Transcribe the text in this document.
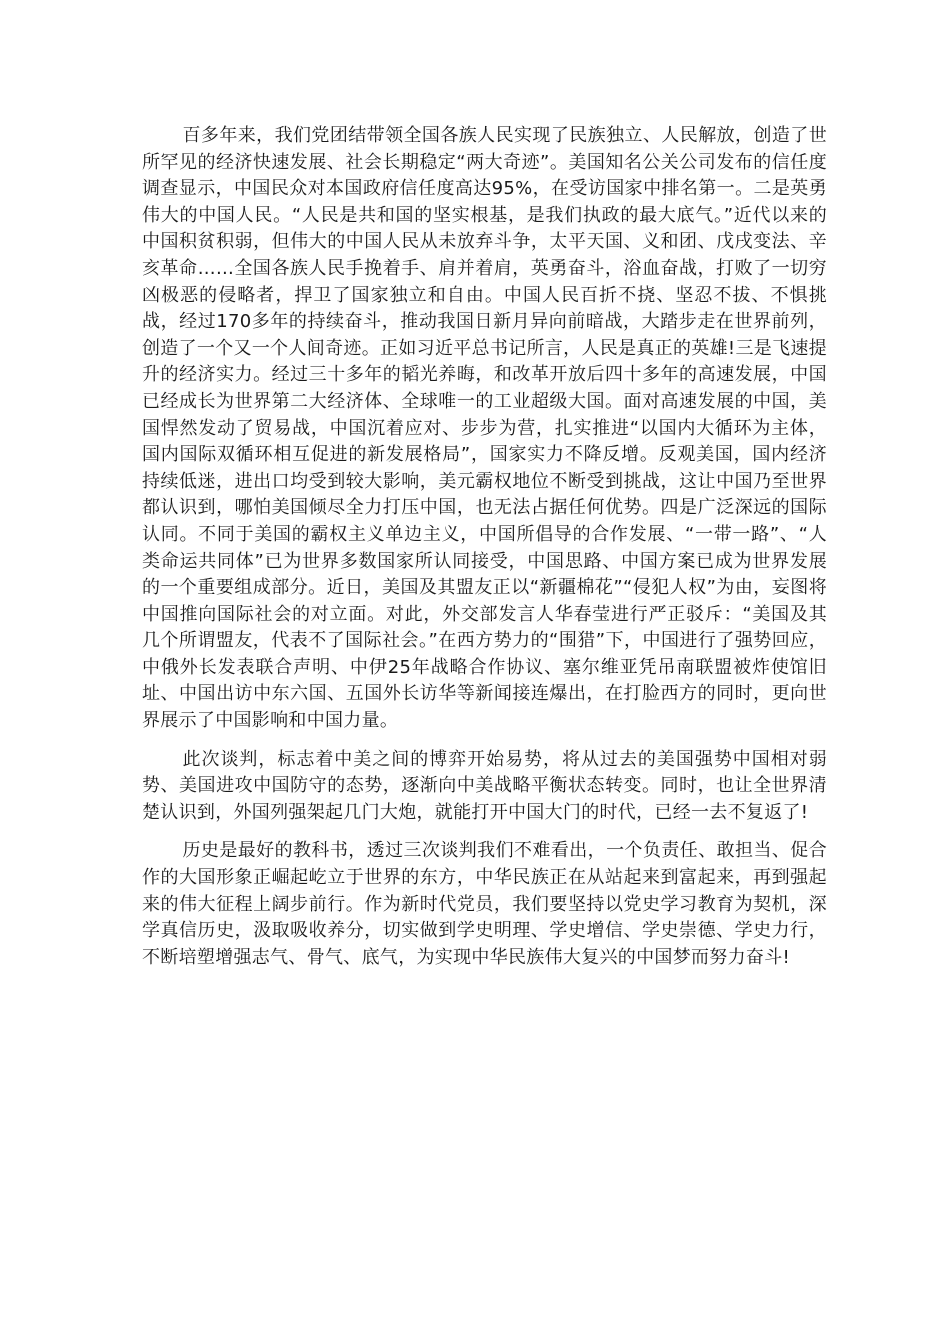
百多年来，我们党团结带领全国各族人民实现了民族独立、人民解放，创造了世所罕见的经济快速发展、社会长期稳定“两大奇迹”。美国知名公关公司发布的信任度调查显示，中国民众对本国政府信任度高达95%，在受访国家中排名第一。二是英勇伟大的中国人民。“人民是共和国的坚实根基，是我们执政的最大底气。”近代以来的中国积贫积弱，但伟大的中国人民从未放弃斗争，太平天国、义和团、戊戌变法、辛亥革命……全国各族人民手挽着手、肩并着肩，英勇奋斗，浴血奋战，打败了一切穷凶极恶的侵略者，捍卫了国家独立和自由。中国人民百折不挠、坚忍不拔、不惧挑战，经过170多年的持续奋斗，推动我国日新月异向前暗战，大踏步走在世界前列，创造了一个又一个人间奇迹。正如习近平总书记所言，人民是真正的英雄!三是飞速提升的经济实力。经过三十多年的韬光养晦，和改革开放后四十多年的高速发展，中国已经成长为世界第二大经济体、全球唯一的工业超级大国。面对高速发展的中国，美国悍然发动了贸易战，中国沉着应对、步步为营，扎实推进“以国内大循环为主体，国内国际双循环相互促进的新发展格局”，国家实力不降反增。反观美国，国内经济持续低迷，进出口均受到较大影响，美元霸权地位不断受到挑战，这让中国乃至世界都认识到，哪怕美国倾尽全力打压中国，也无法占据任何优势。四是广泛深远的国际认同。不同于美国的霸权主义单边主义，中国所倡导的合作发展、“一带一路”、“人类命运共同体”已为世界多数国家所认同接受，中国思路、中国方案已成为世界发展的一个重要组成部分。近日，美国及其盟友正以“新疆棉花”“侵犯人权”为由，妄图将中国推向国际社会的对立面。对此，外交部发言人华春莹进行严正驳斥：“美国及其几个所谓盟友，代表不了国际社会。”在西方势力的“围猎”下，中国进行了强势回应，中俄外长发表联合声明、中伊25年战略合作协议、塞尔维亚凭吊南联盟被炸使馆旧址、中国出访中东六国、五国外长访华等新闻接连爆出，在打脸西方的同时，更向世界展示了中国影响和中国力量。

此次谈判，标志着中美之间的博弈开始易势，将从过去的美国强势中国相对弱势、美国进攻中国防守的态势，逐渐向中美战略平衡状态转变。同时，也让全世界清楚认识到，外国列强架起几门大炮，就能打开中国大门的时代，已经一去不复返了!

历史是最好的教科书，透过三次谈判我们不难看出，一个负责任、敢担当、促合作的大国形象正崛起屹立于世界的东方，中华民族正在从站起来到富起来，再到强起来的伟大征程上阔步前行。作为新时代党员，我们要坚持以党史学习教育为契机，深学真信历史，汲取吸收养分，切实做到学史明理、学史增信、学史崇德、学史力行，不断培塑增强志气、骨气、底气，为实现中华民族伟大复兴的中国梦而努力奋斗!
